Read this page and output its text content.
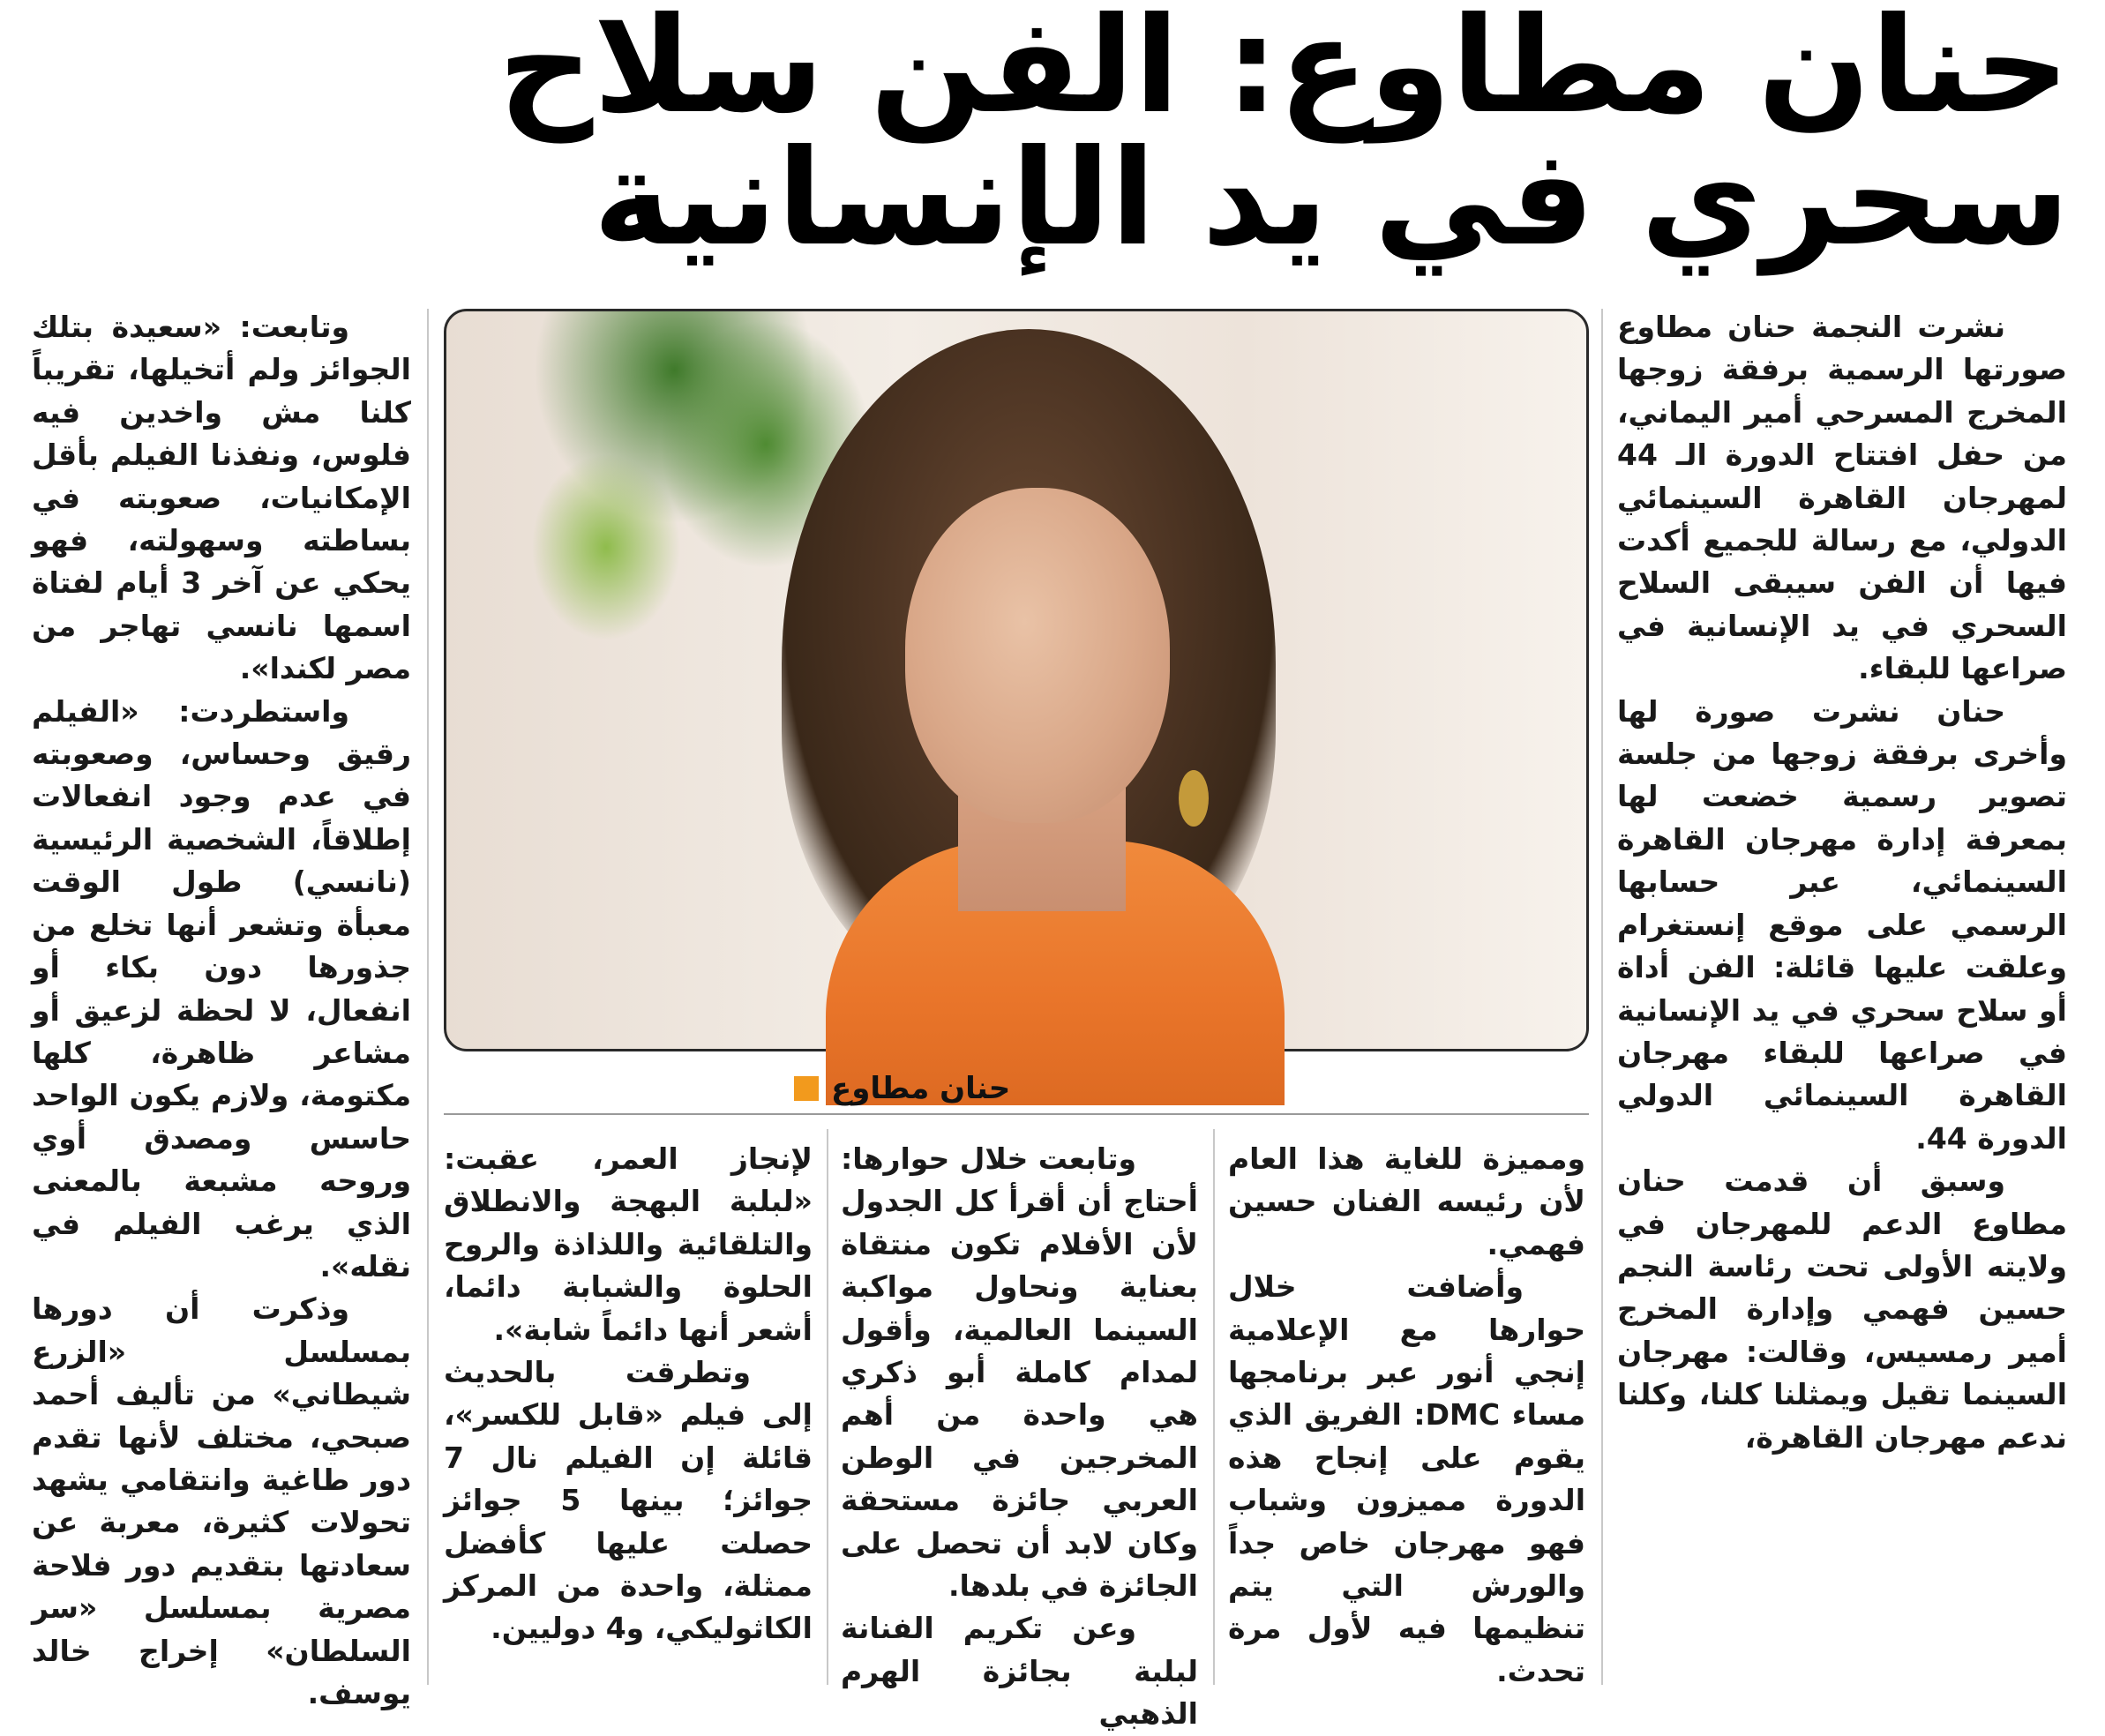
حنان مطاوع: الفن سلاح سحري في يد الإنسانية

نشرت النجمة حنان مطاوع صورتها الرسمية برفقة زوجها المخرج المسرحي أمير اليماني، من حفل افتتاح الدورة الـ 44 لمهرجان القاهرة السينمائي الدولي، مع رسالة للجميع أكدت فيها أن الفن سيبقى السلاح السحري في يد الإنسانية في صراعها للبقاء.

حنان نشرت صورة لها وأخرى برفقة زوجها من جلسة تصوير رسمية خضعت لها بمعرفة إدارة مهرجان القاهرة السينمائي، عبر حسابها الرسمي على موقع إنستغرام وعلقت عليها قائلة: الفن أداة أو سلاح سحري في يد الإنسانية في صراعها للبقاء مهرجان القاهرة السينمائي الدولي الدورة 44.

وسبق أن قدمت حنان مطاوع الدعم للمهرجان في ولايته الأولى تحت رئاسة النجم حسين فهمي وإدارة المخرج أمير رمسيس، وقالت: مهرجان السينما تقيل ويمثلنا كلنا، وكلنا ندعم مهرجان القاهرة،

وتابعت: «سعيدة بتلك الجوائز ولم أتخيلها، تقريباً كلنا مش واخدين فيه فلوس، ونفذنا الفيلم بأقل الإمكانيات، صعوبته في بساطته وسهولته، فهو يحكي عن آخر 3 أيام لفتاة اسمها نانسي تهاجر من مصر لكندا».

واستطردت: «الفيلم رقيق وحساس، وصعوبته في عدم وجود انفعالات إطلاقاً، الشخصية الرئيسية (نانسي) طول الوقت معبأة وتشعر أنها تخلع من جذورها دون بكاء أو انفعال، لا لحظة لزعيق أو مشاعر ظاهرة، كلها مكتومة، ولازم يكون الواحد حاسس ومصدق أوي وروحه مشبعة بالمعنى الذي يرغب الفيلم في نقله».

وذكرت أن دورها بمسلسل «الزرع شيطاني» من تأليف أحمد صبحي، مختلف لأنها تقدم دور طاغية وانتقامي يشهد تحولات كثيرة، معربة عن سعادتها بتقديم دور فلاحة مصرية بمسلسل «سر السلطان» إخراج خالد يوسف.

حنان مطاوع

ومميزة للغاية هذا العام لأن رئيسه الفنان حسين فهمي.

وأضافت خلال حوارها مع الإعلامية إنجي أنور عبر برنامجها مساء DMC: الفريق الذي يقوم على إنجاح هذه الدورة مميزون وشباب فهو مهرجان خاص جداً والورش التي يتم تنظيمها فيه لأول مرة تحدث.

وتابعت خلال حوارها: أحتاج أن أقرأ كل الجدول لأن الأفلام تكون منتقاة بعناية ونحاول مواكبة السينما العالمية، وأقول لمدام كاملة أبو ذكري هي واحدة من أهم المخرجين في الوطن العربي جائزة مستحقة وكان لابد أن تحصل على الجائزة في بلدها.

وعن تكريم الفنانة لبلبة بجائزة الهرم الذهبي

لإنجاز العمر، عقبت: «لبلبة البهجة والانطلاق والتلقائية واللذاذة والروح الحلوة والشبابة دائما، أشعر أنها دائماً شابة».

وتطرقت بالحديث إلى فيلم «قابل للكسر»، قائلة إن الفيلم نال 7 جوائز؛ بينها 5 جوائز حصلت عليها كأفضل ممثلة، واحدة من المركز الكاثوليكي، و4 دوليين.
